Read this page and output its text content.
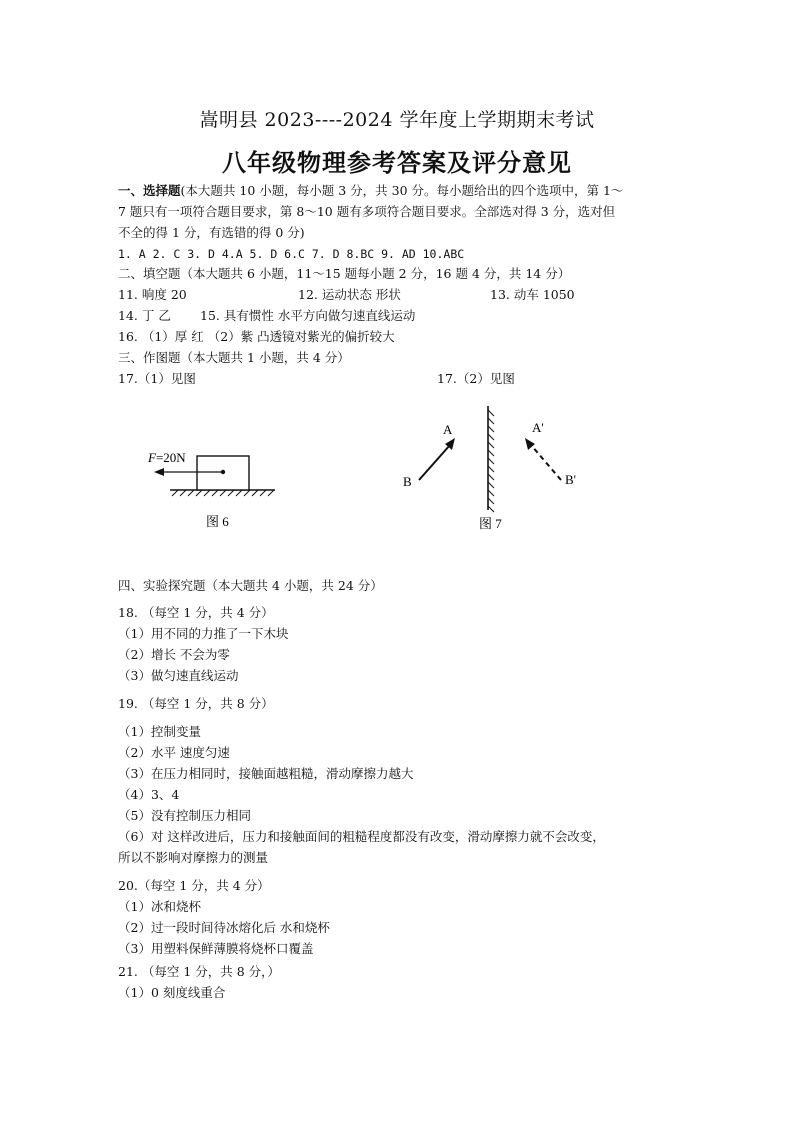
嵩明县 2023----2024 学年度上学期期末考试
八年级物理参考答案及评分意见
一、选择题(本大题共 10 小题，每小题 3 分，共 30 分。每小题给出的四个选项中，第 1～
7 题只有一项符合题目要求，第 8～10 题有多项符合题目要求。全部选对得 3 分，选对但
不全的得 1 分，有选错的得 0 分)
1. A 2. C 3. D 4.A 5. D 6.C 7. D 8.BC 9. AD 10.ABC
二、填空题（本大题共 6 小题，11～15 题每小题 2 分，16 题 4 分，共 14 分）
11. 响度 20	12. 运动状态 形状	13. 动车 1050
14. 丁 乙 15. 具有惯性 水平方向做匀速直线运动
16. （1）厚 红 （2）紫 凸透镜对紫光的偏折较大
三、作图题（本大题共 1 小题，共 4 分）
17.（1）见图	17.（2）见图
F=20N
图 6
A
B
A'
B'
图 7
四、实验探究题（本大题共 4 小题，共 24 分）
18. （每空 1 分，共 4 分）
（1）用不同的力推了一下木块
（2）增长 不会为零
（3）做匀速直线运动
19. （每空 1 分，共 8 分）
（1）控制变量
（2）水平 速度匀速
（3）在压力相同时，接触面越粗糙，滑动摩擦力越大
（4）3、4
（5）没有控制压力相同
（6）对 这样改进后，压力和接触面间的粗糙程度都没有改变，滑动摩擦力就不会改变，
所以不影响对摩擦力的测量
20.（每空 1 分，共 4 分）
（1）冰和烧杯
（2）过一段时间待冰熔化后 水和烧杯
（3）用塑料保鲜薄膜将烧杯口覆盖
21. （每空 1 分，共 8 分，）
（1）0 刻度线重合
